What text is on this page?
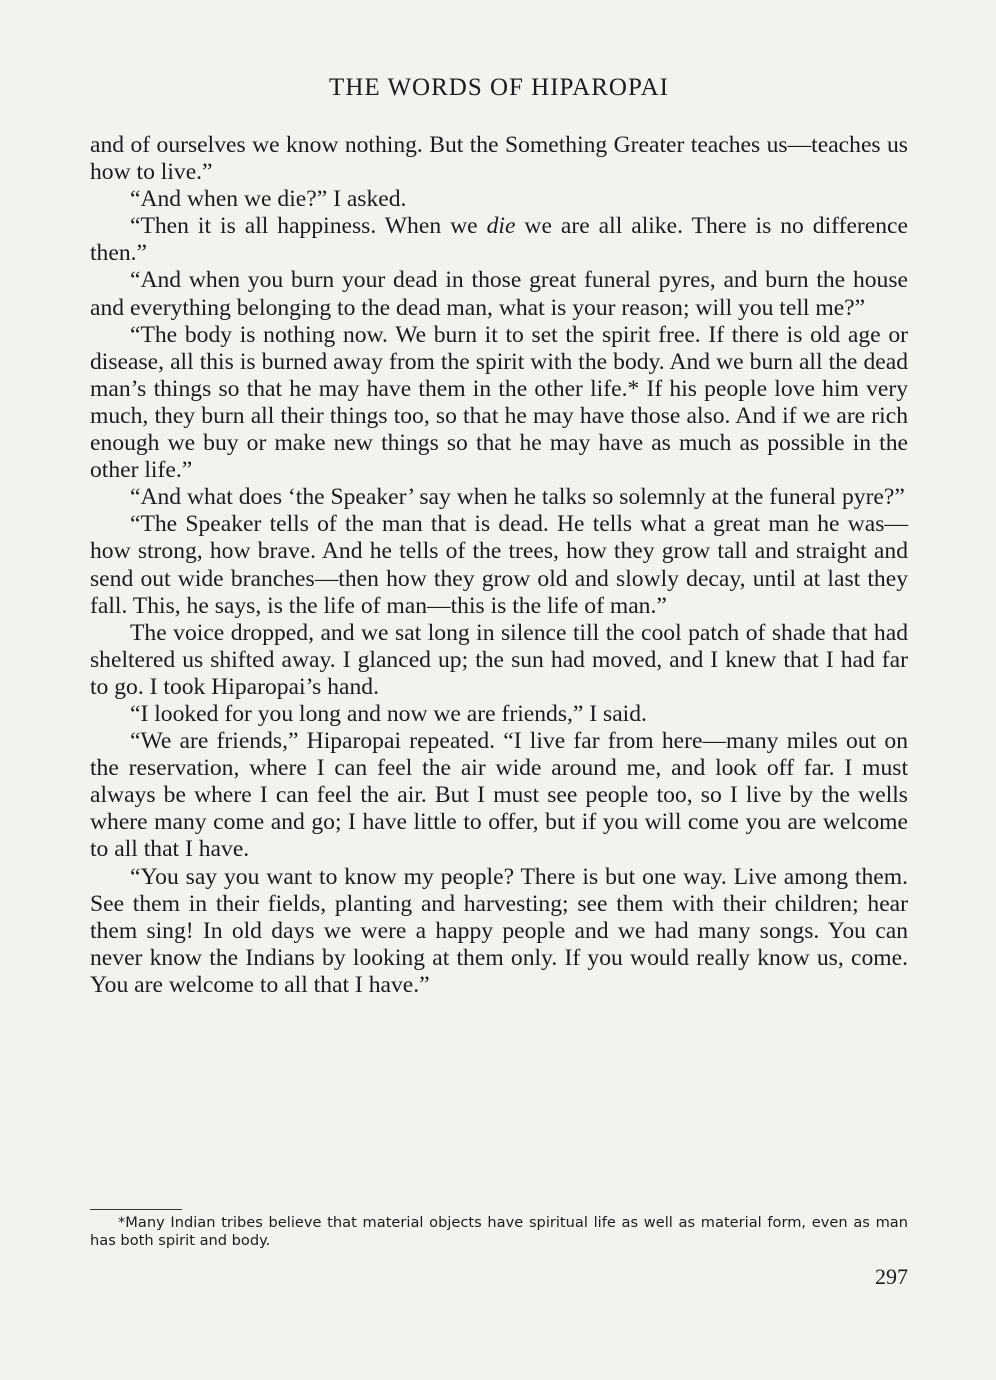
THE WORDS OF HIPAROPAI

and of ourselves we know nothing. But the Something Greater teaches us—teaches us how to live.”

“And when we die?” I asked.

“Then it is all happiness. When we die we are all alike. There is no difference then.”

“And when you burn your dead in those great funeral pyres, and burn the house and everything belonging to the dead man, what is your reason; will you tell me?”

“The body is nothing now. We burn it to set the spirit free. If there is old age or disease, all this is burned away from the spirit with the body. And we burn all the dead man’s things so that he may have them in the other life.* If his people love him very much, they burn all their things too, so that he may have those also. And if we are rich enough we buy or make new things so that he may have as much as possible in the other life.”

“And what does ‘the Speaker’ say when he talks so solemnly at the funeral pyre?”

“The Speaker tells of the man that is dead. He tells what a great man he was—how strong, how brave. And he tells of the trees, how they grow tall and straight and send out wide branches—then how they grow old and slowly decay, until at last they fall. This, he says, is the life of man—this is the life of man.”

The voice dropped, and we sat long in silence till the cool patch of shade that had sheltered us shifted away. I glanced up; the sun had moved, and I knew that I had far to go. I took Hiparopai’s hand.

“I looked for you long and now we are friends,” I said.

“We are friends,” Hiparopai repeated. “I live far from here—many miles out on the reservation, where I can feel the air wide around me, and look off far. I must always be where I can feel the air. But I must see people too, so I live by the wells where many come and go; I have little to offer, but if you will come you are welcome to all that I have.

“You say you want to know my people? There is but one way. Live among them. See them in their fields, planting and harvesting; see them with their children; hear them sing! In old days we were a happy people and we had many songs. You can never know the Indians by looking at them only. If you would really know us, come. You are welcome to all that I have.”

*Many Indian tribes believe that material objects have spiritual life as well as material form, even as man has both spirit and body.
297
